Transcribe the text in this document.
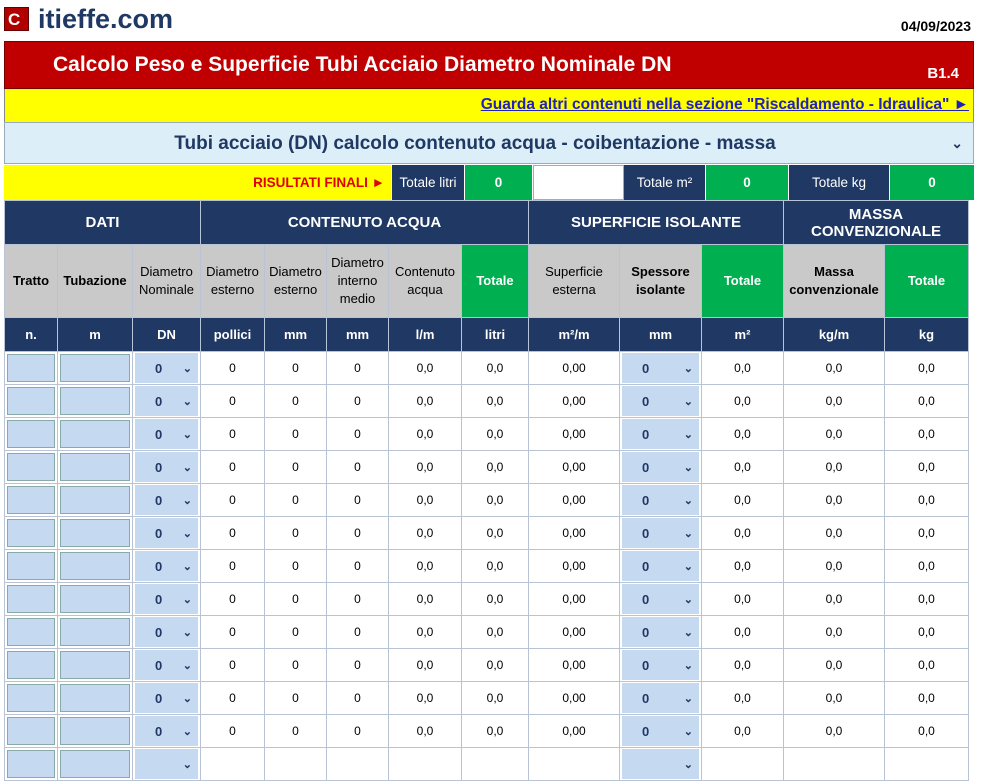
C itieffe.com	04/09/2023
Calcolo Peso e Superficie Tubi Acciaio Diametro Nominale DN	B1.4
Guarda altri contenuti nella sezione "Riscaldamento - Idraulica" ►
Tubi acciaio (DN) calcolo contenuto acqua - coibentazione - massa	⌄
RISULTATI FINALI ►	Totale litri	0	Totale m²	0	Totale kg	0
DATI			CONTENUTO ACQUA					SUPERFICIE ISOLANTE			MASSA CONVENZIONALE	
Tratto	Tubazione	Diametro Nominale	Diametro esterno	Diametro esterno	Diametro interno medio	Contenuto acqua	Totale	Superficie esterna	Spessore isolante	Totale	Massa convenzionale	Totale
n.	m	DN	pollici	mm	mm	l/m	litri	m²/m	mm	m²	kg/m	kg

		0 ⌄	0	0	0	0,0	0,0	0,00	0 ⌄	0,0	0,0	0,0

		0 ⌄	0	0	0	0,0	0,0	0,00	0 ⌄	0,0	0,0	0,0

		0 ⌄	0	0	0	0,0	0,0	0,00	0 ⌄	0,0	0,0	0,0

		0 ⌄	0	0	0	0,0	0,0	0,00	0 ⌄	0,0	0,0	0,0

		0 ⌄	0	0	0	0,0	0,0	0,00	0 ⌄	0,0	0,0	0,0

		0 ⌄	0	0	0	0,0	0,0	0,00	0 ⌄	0,0	0,0	0,0

		0 ⌄	0	0	0	0,0	0,0	0,00	0 ⌄	0,0	0,0	0,0

		0 ⌄	0	0	0	0,0	0,0	0,00	0 ⌄	0,0	0,0	0,0

		0 ⌄	0	0	0	0,0	0,0	0,00	0 ⌄	0,0	0,0	0,0

		0 ⌄	0	0	0	0,0	0,0	0,00	0 ⌄	0,0	0,0	0,0

		0 ⌄	0	0	0	0,0	0,0	0,00	0 ⌄	0,0	0,0	0,0

		0 ⌄	0	0	0	0,0	0,0	0,00	0 ⌄	0,0	0,0	0,0

		⌄							⌄			
